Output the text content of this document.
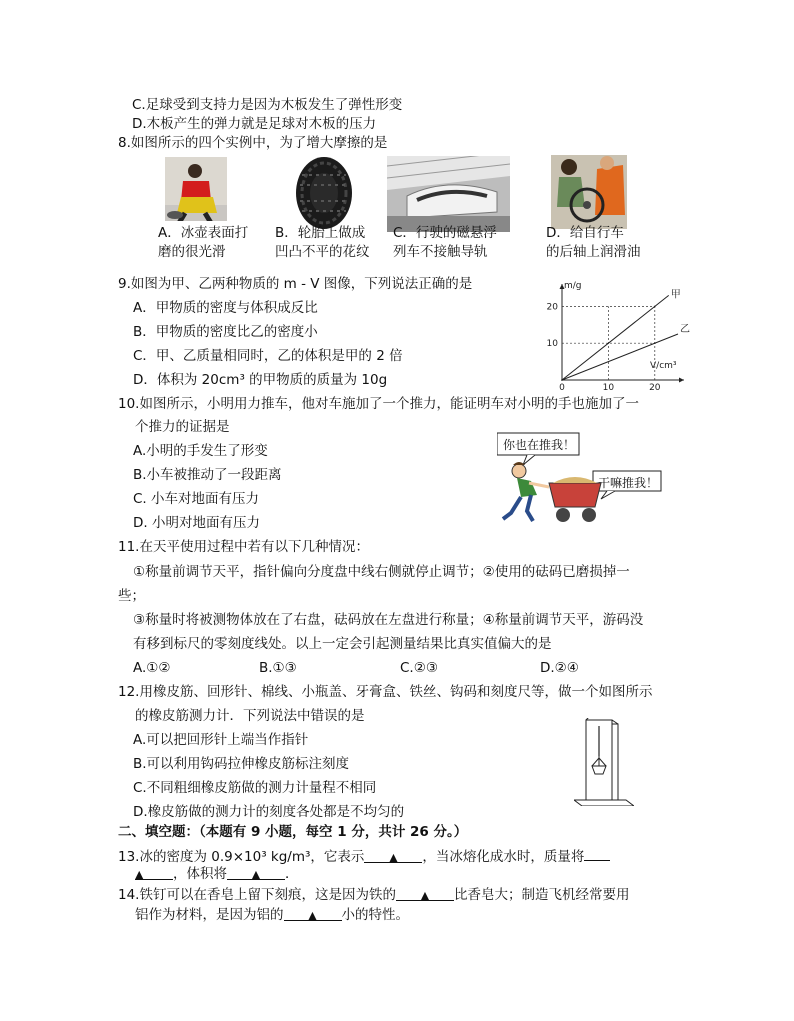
C.足球受到支持力是因为木板发生了弹性形变
D.木板产生的弹力就是足球对木板的压力
8.如图所示的四个实例中，为了增大摩擦的是
A．冰壶表面打
磨的很光滑
B．轮胎上做成
凹凸不平的花纹
C．行驶的磁悬浮
列车不接触导轨
D．给自行车
的后轴上润滑油
9.如图为甲、乙两种物质的 m - V 图像，下列说法正确的是
A．甲物质的密度与体积成反比
B．甲物质的密度比乙的密度小
C．甲、乙质量相同时，乙的体积是甲的 2 倍
D．体积为 20cm³ 的甲物质的质量为 10g	0	10	20
10
20
甲
乙
m/g
V/cm³
10.如图所示，小明用力推车，他对车施加了一个推力，能证明车对小明的手也施加了一
个推力的证据是
A.小明的手发生了形变
B.小车被推动了一段距离
C. 小车对地面有压力
D. 小明对地面有压力
你也在推我！
干嘛推我！
11.在天平使用过程中若有以下几种情况：
①称量前调节天平，指针偏向分度盘中线右侧就停止调节；②使用的砝码已磨损掉一
些；
③称量时将被测物体放在了右盘，砝码放在左盘进行称量；④称量前调节天平，游码没
有移到标尺的零刻度线处。以上一定会引起测量结果比真实值偏大的是
A.①②	B.①③	C.②③	D.②④
12.用橡皮筋、回形针、棉线、小瓶盖、牙膏盒、铁丝、钩码和刻度尺等，做一个如图所示
的橡皮筋测力计．下列说法中错误的是
A.可以把回形针上端当作指针
B.可以利用钩码拉伸橡皮筋标注刻度
C.不同粗细橡皮筋做的测力计量程不相同
D.橡皮筋做的测力计的刻度各处都是不均匀的
二、填空题：（本题有 9 小题，每空 1 分，共计 26 分。）
13.冰的密度为 0.9×10³ kg/m³，它表示 ▲ ，当冰熔化成水时，质量将
▲ ，体积将 ▲ ．
14.铁钉可以在香皂上留下刻痕，这是因为铁的 ▲ 比香皂大；制造飞机经常要用
铝作为材料，是因为铝的 ▲ 小的特性。
